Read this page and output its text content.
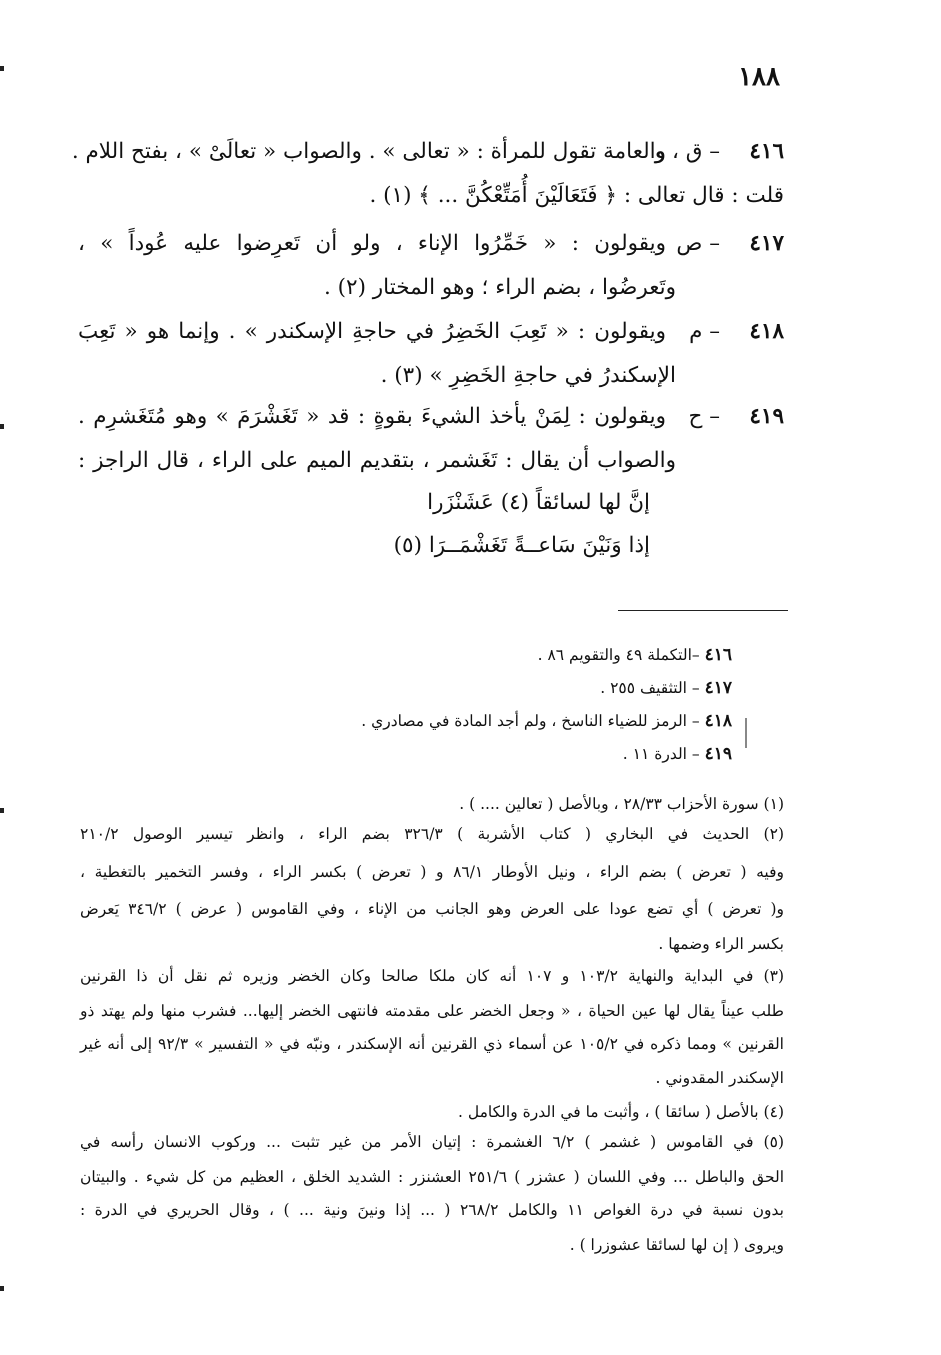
١٨٨
٤١٦
– ق ، و
والعامة تقول للمرأة : « تعالى » . والصواب « تعالَىْ » ، بفتح اللام .
قلت : قال تعالى : ﴿ فَتَعَالَيْنَ أُمَتِّعْكُنَّ ... ﴾ (١) .
٤١٧
– ص
ويقولون : « خَمِّرُوا الإناء ، ولو أن تَعرِضوا عليه عُوداً » ،
وتَعرضُوا ، بضم الراء ؛ وهو المختار (٢) .
٤١٨
– م
ويقولون : « تَعِبَ الخَضِرُ في حاجةِ الإسكندر » . وإنما هو « تَعِبَ
الإسكندرُ في حاجةِ الخَضِرِ » (٣) .
٤١٩
– ح
ويقولون : لِمَنْ يأخذ الشيءَ بقوةٍ : قد « تَغَشْرَمَ » وهو مُتَغَشرِم .
والصواب أن يقال : تَغَشمر ، بتقديم الميم على الراء ، قال الراجز :
إنَّ لها لسائقاً (٤) عَشَنْزَرا
إذا وَنَيْنَ سَاعــةً تَغَشْمَــرَا (٥)
٤١٦ –التكملة ٤٩ والتقويم ٨٦ .
٤١٧ – التثقيف ٢٥٥ .
٤١٨ – الرمز للضياء الناسخ ، ولم أجد المادة في مصادري .
٤١٩ – الدرة ١١ .
(١) سورة الأحزاب ٢٨/٣٣ ، وبالأصل ( تعالين .... ) .
(٢) الحديث في البخاري ( كتاب الأشربة ) ٣٢٦/٣ بضم الراء ، وانظر تيسير الوصول ٢١٠/٢
وفيه ( تعرض ) بضم الراء ، ونيل الأوطار ٨٦/١ و ( تعرض ) بكسر الراء ، وفسر التخمير بالتغطية ،
و( تعرض ) أي تضع عودا على العرض وهو الجانب من الإناء ، وفي القاموس ( عرض ) ٣٤٦/٢ يَعرض
بكسر الراء وضمها .
(٣) في البداية والنهاية ١٠٣/٢ و ١٠٧ أنه كان ملكا صالحا وكان الخضر وزيره ثم نقل أن ذا القرنين
طلب عيناً يقال لها عين الحياة ، « وجعل الخضر على مقدمته فانتهى الخضر إليها... فشرب منها ولم يهتد ذو
القرنين » ومما ذكره في ١٠٥/٢ عن أسماء ذي القرنين أنه الإسكندر ، ونبّه في « التفسير » ٩٢/٣ إلى أنه غير
الإسكندر المقدوني .
(٤) بالأصل ( سائقا ) ، وأثبت ما في الدرة والكامل .
(٥) في القاموس ( غشمر ) ٦/٢ الغشمرة : إتيان الأمر من غير تثبت ... وركوب الانسان رأسه في
الحق والباطل ... وفي اللسان ( عشزر ) ٢٥١/٦ العشنزر : الشديد الخلق ، العظيم من كل شيء . والبيتان
بدون نسبة في درة الغواص ١١ والكامل ٢٦٨/٢ ( ... إذا ونينَ ونية ... ) ، وقال الحريري في الدرة :
ويروى ( إن لها لسائقا عشوزرا ) .
